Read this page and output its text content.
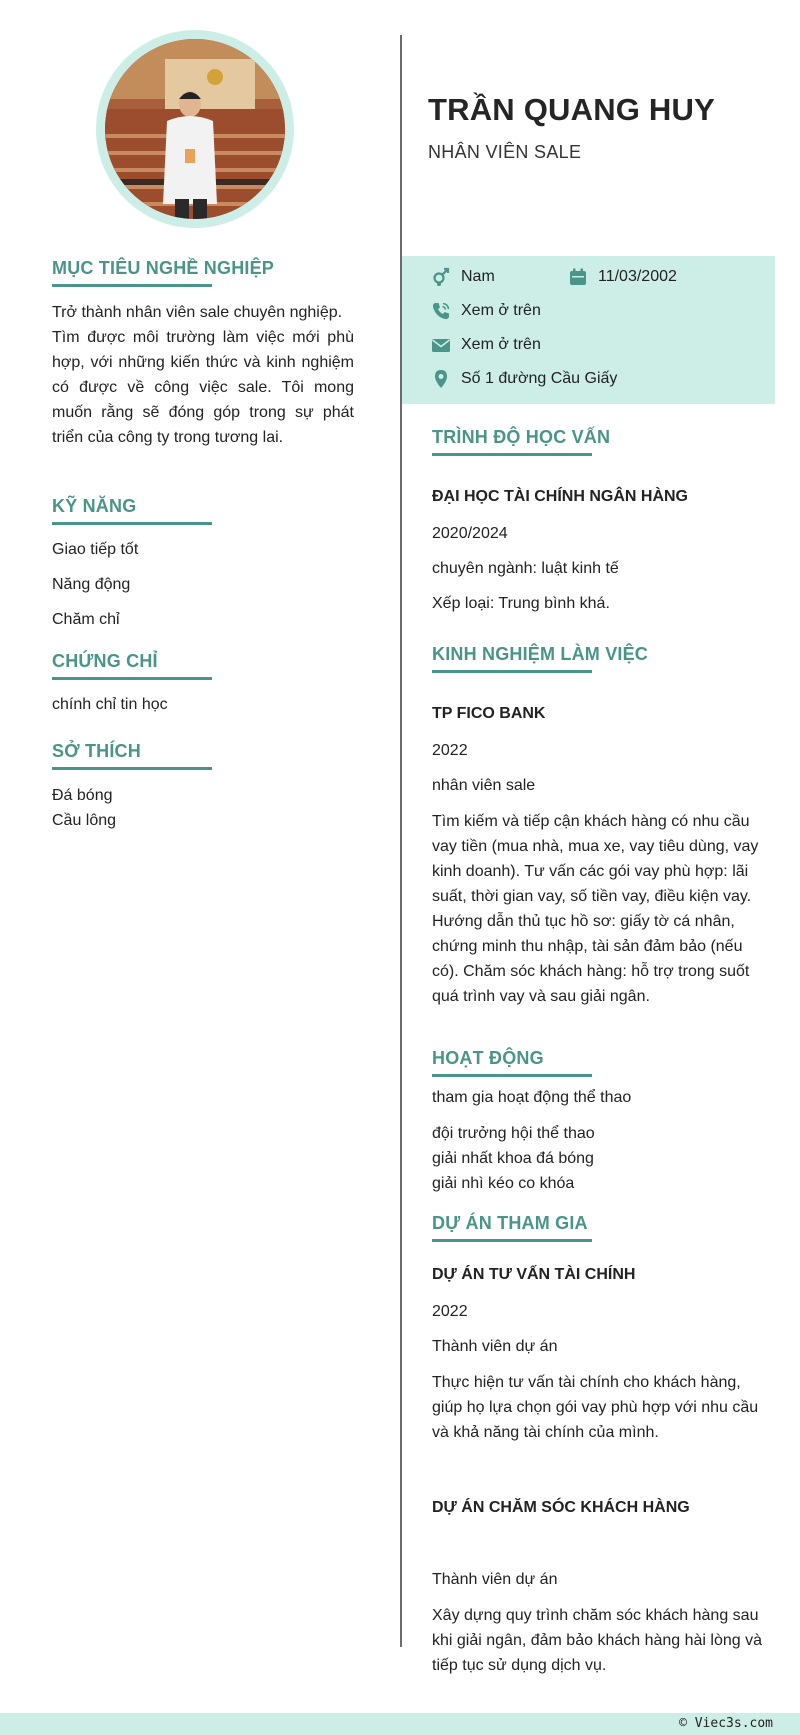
MỤC TIÊU NGHỀ NGHIỆP
Trở thành nhân viên sale chuyên nghiệp.
Tìm được môi trường làm việc mới phù hợp, với những kiến thức và kinh nghiệm có được về công việc sale. Tôi mong muốn rằng sẽ đóng góp trong sự phát triển của công ty trong tương lai.
KỸ NĂNG
Giao tiếp tốt
Năng động
Chăm chỉ
CHỨNG CHỈ
chính chỉ tin học
SỞ THÍCH
Đá bóng
Cầu lông
TRẦN QUANG HUY
NHÂN VIÊN SALE
Nam	11/03/2002
Xem ở trên
Xem ở trên
Số 1 đường Cầu Giấy
TRÌNH ĐỘ HỌC VẤN
ĐẠI HỌC TÀI CHÍNH NGÂN HÀNG
2020/2024
chuyên ngành: luật kinh tế
Xếp loại: Trung bình khá.
KINH NGHIỆM LÀM VIỆC
TP FICO BANK
2022
nhân viên sale
Tìm kiếm và tiếp cận khách hàng có nhu cầu vay tiền (mua nhà, mua xe, vay tiêu dùng, vay kinh doanh). Tư vấn các gói vay phù hợp: lãi suất, thời gian vay, số tiền vay, điều kiện vay. Hướng dẫn thủ tục hồ sơ: giấy tờ cá nhân, chứng minh thu nhập, tài sản đảm bảo (nếu có). Chăm sóc khách hàng: hỗ trợ trong suốt quá trình vay và sau giải ngân.
HOẠT ĐỘNG
tham gia hoạt động thể thao
đội trưởng hội thể thao
giải nhất khoa đá bóng
giải nhì kéo co khóa
DỰ ÁN THAM GIA
DỰ ÁN TƯ VẤN TÀI CHÍNH
2022
Thành viên dự án
Thực hiện tư vấn tài chính cho khách hàng, giúp họ lựa chọn gói vay phù hợp với nhu cầu và khả năng tài chính của mình.
DỰ ÁN CHĂM SÓC KHÁCH HÀNG
Thành viên dự án
Xây dựng quy trình chăm sóc khách hàng sau khi giải ngân, đảm bảo khách hàng hài lòng và tiếp tục sử dụng dịch vụ.
© Viec3s.com
